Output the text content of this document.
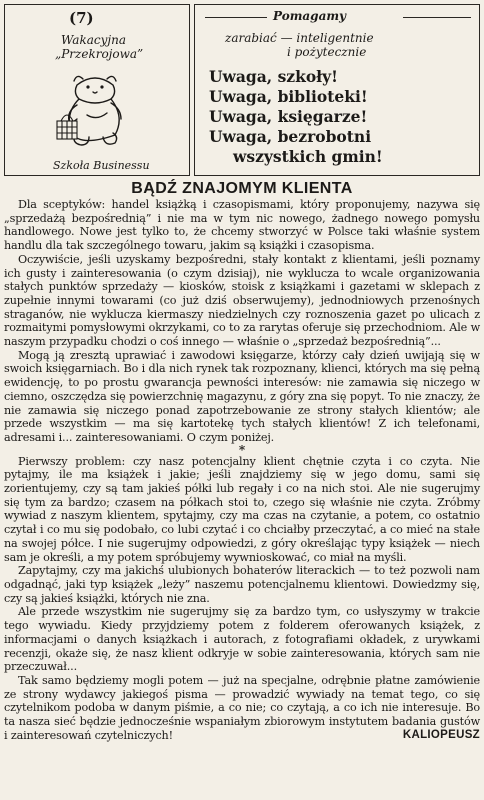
(7)
Wakacyjna
„Przekrojowa”
Szkoła Businessu
Pomagamy
zarabiać — inteligentnie
i pożytecznie
Uwaga, szkoły!
Uwaga, biblioteki!
Uwaga, księgarze!
Uwaga, bezrobotni
wszystkich gmin!
BĄDŹ ZNAJOMYM KLIENTA

Dla sceptyków: handel książką i czasopismami, który proponujemy, nazywa się „sprzedażą bezpośrednią” i nie ma w tym nic nowego, żadnego nowego pomysłu handlowego. Nowe jest tylko to, że chcemy stworzyć w Polsce taki właśnie system handlu dla tak szczególnego towaru, jakim są książki i czasopisma.

Oczywiście, jeśli uzyskamy bezpośredni, stały kontakt z klientami, jeśli poznamy ich gusty i zainteresowania (o czym dzisiaj), nie wyklucza to wcale organizowania stałych punktów sprzedaży — kiosków, stoisk z książkami i gazetami w sklepach z zupełnie innymi towarami (co już dziś obserwujemy), jednodniowych przenośnych straganów, nie wyklucza kiermaszy niedzielnych czy roznoszenia gazet po ulicach z rozmaitymi pomysłowymi okrzykami, co to za rarytas oferuje się przechodniom. Ale w naszym przypadku chodzi o coś innego — właśnie o „sprzedaż bezpośrednią”...

Mogą ją zresztą uprawiać i zawodowi księgarze, którzy cały dzień uwijają się w swoich księgarniach. Bo i dla nich rynek tak rozpoznany, klienci, których ma się pełną ewidencję, to po prostu gwarancja pewności interesów: nie zamawia się niczego w ciemno, oszczędza się powierzchnię magazynu, z góry zna się popyt. To nie znaczy, że nie zamawia się niczego ponad zapotrzebowanie ze strony stałych klientów; ale przede wszystkim — ma się kartotekę tych stałych klientów! Z ich telefonami, adresami i... zainteresowaniami. O czym poniżej.

*

Pierwszy problem: czy nasz potencjalny klient chętnie czyta i co czyta. Nie pytajmy, ile ma książek i jakie; jeśli znajdziemy się w jego domu, sami się zorientujemy, czy są tam jakieś półki lub regały i co na nich stoi. Ale nie sugerujmy się tym za bardzo; czasem na półkach stoi to, czego się właśnie nie czyta. Zróbmy wywiad z naszym klientem, spytajmy, czy ma czas na czytanie, a potem, co ostatnio czytał i co mu się podobało, co lubi czytać i co chciałby przeczytać, a co mieć na stałe na swojej półce. I nie sugerujmy odpowiedzi, z góry określając typy książek — niech sam je określi, a my potem spróbujemy wywnioskować, co miał na myśli.

Zapytajmy, czy ma jakichś ulubionych bohaterów literackich — to też pozwoli nam odgadnąć, jaki typ książek „leży” naszemu potencjalnemu klientowi. Dowiedzmy się, czy są jakieś książki, których nie zna.

Ale przede wszystkim nie sugerujmy się za bardzo tym, co usłyszymy w trakcie tego wywiadu. Kiedy przyjdziemy potem z folderem oferowanych książek, z informacjami o danych książkach i autorach, z fotografiami okładek, z urywkami recenzji, okaże się, że nasz klient odkryje w sobie zainteresowania, których sam nie przeczuwał...

Tak samo będziemy mogli potem — już na specjalne, odrębnie płatne zamówienie ze strony wydawcy jakiegoś pisma — prowadzić wywiady na temat tego, co się czytelnikom podoba w danym piśmie, a co nie; co czytają, a co ich nie interesuje. Bo ta nasza sieć będzie jednocześnie wspaniałym zbiorowym instytutem badania gustów i zainteresowań czytelniczych!	KALIOPEUSZ
